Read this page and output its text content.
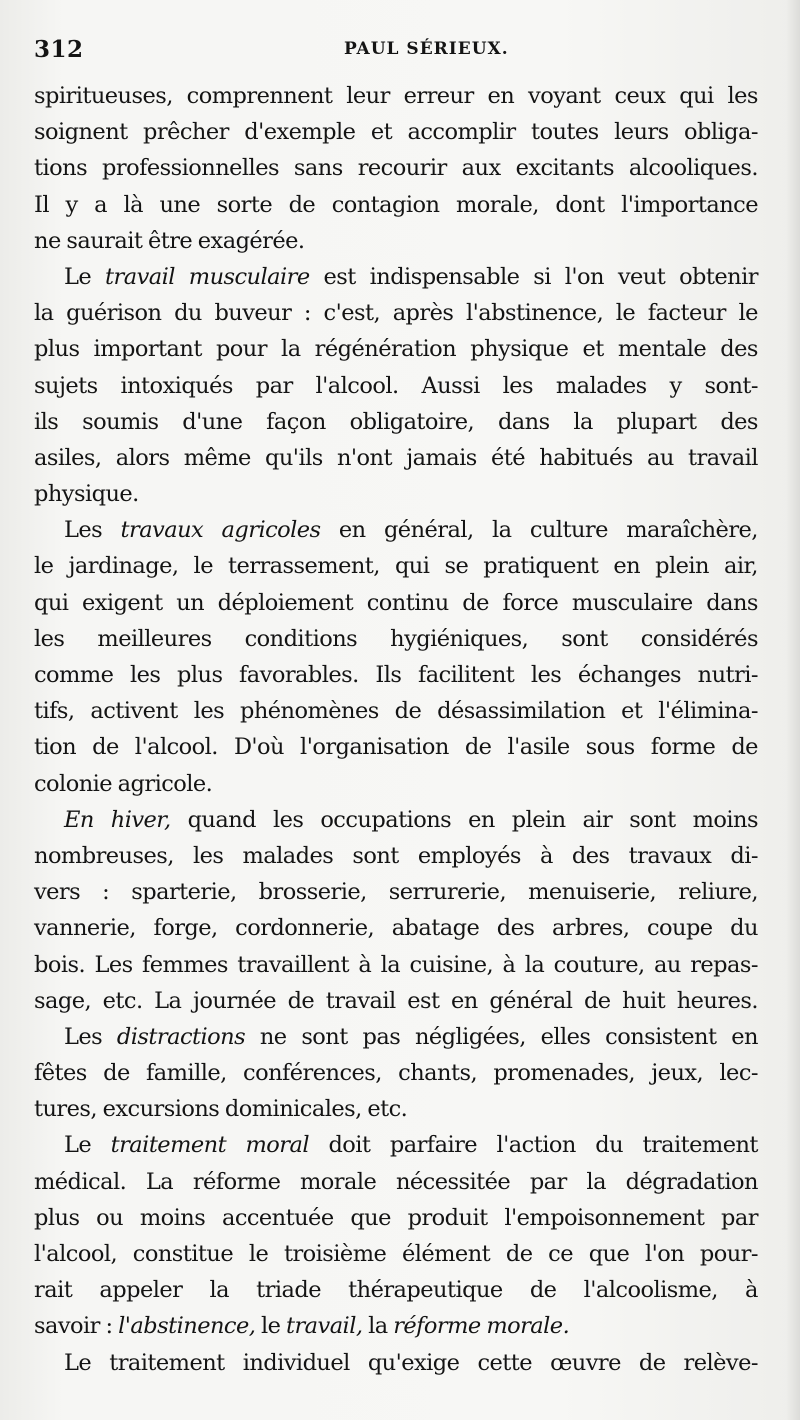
312	PAUL SÉRIEUX.
spiritueuses, comprennent leur erreur en voyant ceux qui les
soignent prêcher d'exemple et accomplir toutes leurs obliga-
tions professionnelles sans recourir aux excitants alcooliques.
Il y a là une sorte de contagion morale, dont l'importance
ne
saurait
être
exagérée.
Le travail musculaire est indispensable si l'on veut obtenir
la guérison du buveur : c'est, après l'abstinence, le facteur le
plus important pour la régénération physique et mentale des
sujets intoxiqués par l'alcool. Aussi les malades y sont-
ils soumis d'une façon obligatoire, dans la plupart des
asiles, alors même qu'ils n'ont jamais été habitués au travail
physique.
Les travaux agricoles en général, la culture maraîchère,
le jardinage, le terrassement, qui se pratiquent en plein air,
qui exigent un déploiement continu de force musculaire dans
les meilleures conditions hygiéniques, sont considérés
comme les plus favorables. Ils facilitent les échanges nutri-
tifs, activent les phénomènes de désassimilation et l'élimina-
tion de l'alcool. D'où l'organisation de l'asile sous forme de
colonie
agricole.
En hiver, quand les occupations en plein air sont moins
nombreuses, les malades sont employés à des travaux di-
vers : sparterie, brosserie, serrurerie, menuiserie, reliure,
vannerie, forge, cordonnerie, abatage des arbres, coupe du
bois. Les femmes travaillent à la cuisine, à la couture, au repas-
sage, etc. La journée de travail est en général de huit heures.
Les distractions ne sont pas négligées, elles consistent en
fêtes de famille, conférences, chants, promenades, jeux, lec-
tures,
excursions
dominicales,
etc.
Le traitement moral doit parfaire l'action du traitement
médical. La réforme morale nécessitée par la dégradation
plus ou moins accentuée que produit l'empoisonnement par
l'alcool, constitue le troisième élément de ce que l'on pour-
rait appeler la triade thérapeutique de l'alcoolisme, à
savoir
:
l'abstinence,
le
travail,
la
réforme
morale.
Le traitement individuel qu'exige cette œuvre de relève-
